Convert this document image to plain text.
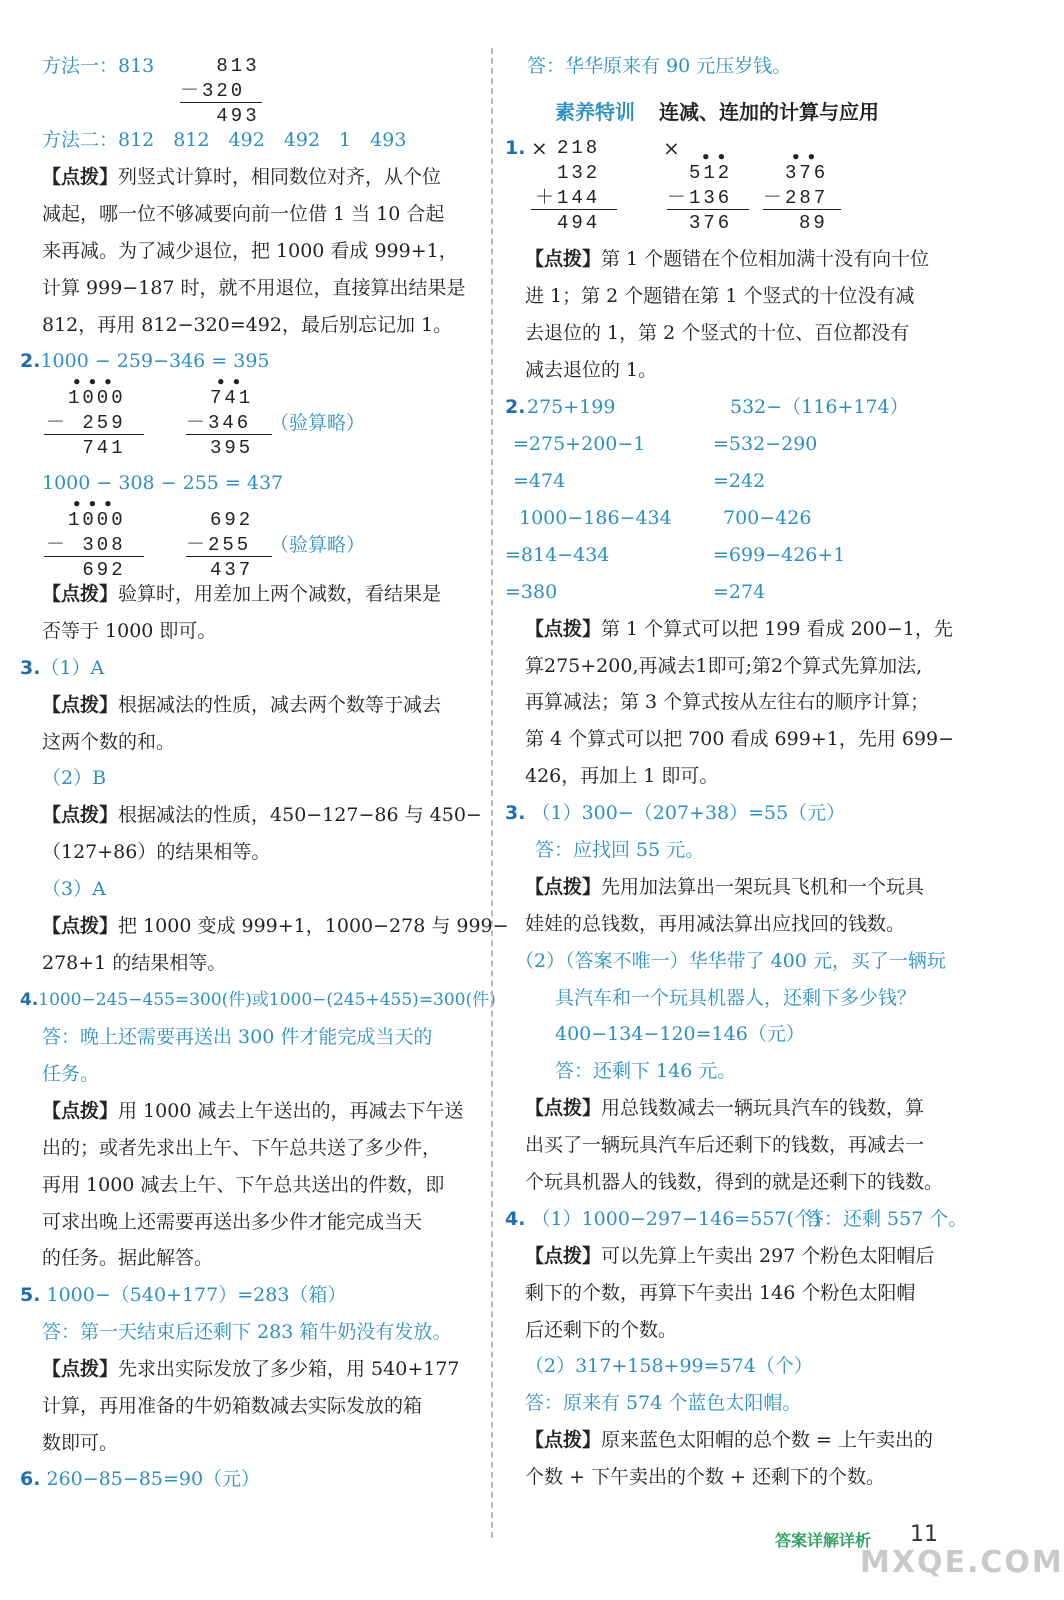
方法一：813	813
－320
493
方法二：812　812　492　492　1　493
【点拨】列竖式计算时，相同数位对齐，从个位
减起，哪一位不够减要向前一位借 1 当 10 合起
来再减。为了减少退位，把 1000 看成 999+1，
计算 999−187 时，就不用退位，直接算出结果是
812，再用 812−320=492，最后别忘记加 1。
2.1000 − 259−346 = 395
•••
1000
－ 259
741
••
741
－346
395
（验算略）
1000 − 308 − 255 = 437
•••
1000
－ 308
692
692
－255
437
（验算略）
【点拨】验算时，用差加上两个减数，看结果是
否等于 1000 即可。
3.（1）A
【点拨】根据减法的性质，减去两个数等于减去
这两个数的和。
（2）B
【点拨】根据减法的性质，450−127−86 与 450−
（127+86）的结果相等。
（3）A
【点拨】把 1000 变成 999+1，1000−278 与 999−
278+1 的结果相等。
4.1000−245−455=300(件)或1000−(245+455)=300(件)
答：晚上还需要再送出 300 件才能完成当天的
任务。
【点拨】用 1000 减去上午送出的，再减去下午送
出的；或者先求出上午、下午总共送了多少件，
再用 1000 减去上午、下午总共送出的件数，即
可求出晚上还需要再送出多少件才能完成当天
的任务。据此解答。
5. 1000−（540+177）=283（箱）
答：第一天结束后还剩下 283 箱牛奶没有发放。
【点拨】先求出实际发放了多少箱，用 540+177
计算，再用准备的牛奶箱数减去实际发放的箱
数即可。
6. 260−85−85=90（元）
答：华华原来有 90 元压岁钱。
素养特训 连减、连加的计算与应用
1. × 218
132
＋144
494
× ••
512
－136
376
••
376
－287
89
【点拨】第 1 个题错在个位相加满十没有向十位
进 1；第 2 个题错在第 1 个竖式的十位没有减
去退位的 1，第 2 个竖式的十位、百位都没有
减去退位的 1。
2. 275+199
=275+200−1
=474
1000−186−434
=814−434
=380
532−（116+174）
=532−290
=242
700−426
=699−426+1
=274
【点拨】第 1 个算式可以把 199 看成 200−1，先
算275+200,再减去1即可;第2个算式先算加法,
再算减法；第 3 个算式按从左往右的顺序计算；
第 4 个算式可以把 700 看成 699+1，先用 699−
426，再加上 1 即可。
3. （1）300−（207+38）=55（元）
答：应找回 55 元。
【点拨】先用加法算出一架玩具飞机和一个玩具
娃娃的总钱数，再用减法算出应找回的钱数。
（2）（答案不唯一）华华带了 400 元，买了一辆玩
具汽车和一个玩具机器人，还剩下多少钱？
400−134−120=146（元）
答：还剩下 146 元。
【点拨】用总钱数减去一辆玩具汽车的钱数，算
出买了一辆玩具汽车后还剩下的钱数，再减去一
个玩具机器人的钱数，得到的就是还剩下的钱数。
4. （1）1000−297−146=557(个)
答：还剩 557 个。
【点拨】可以先算上午卖出 297 个粉色太阳帽后
剩下的个数，再算下午卖出 146 个粉色太阳帽
后还剩下的个数。
（2）317+158+99=574（个）
答：原来有 574 个蓝色太阳帽。
【点拨】原来蓝色太阳帽的总个数 = 上午卖出的
个数 + 下午卖出的个数 + 还剩下的个数。
答案详解详析 11
MXQE.COM
